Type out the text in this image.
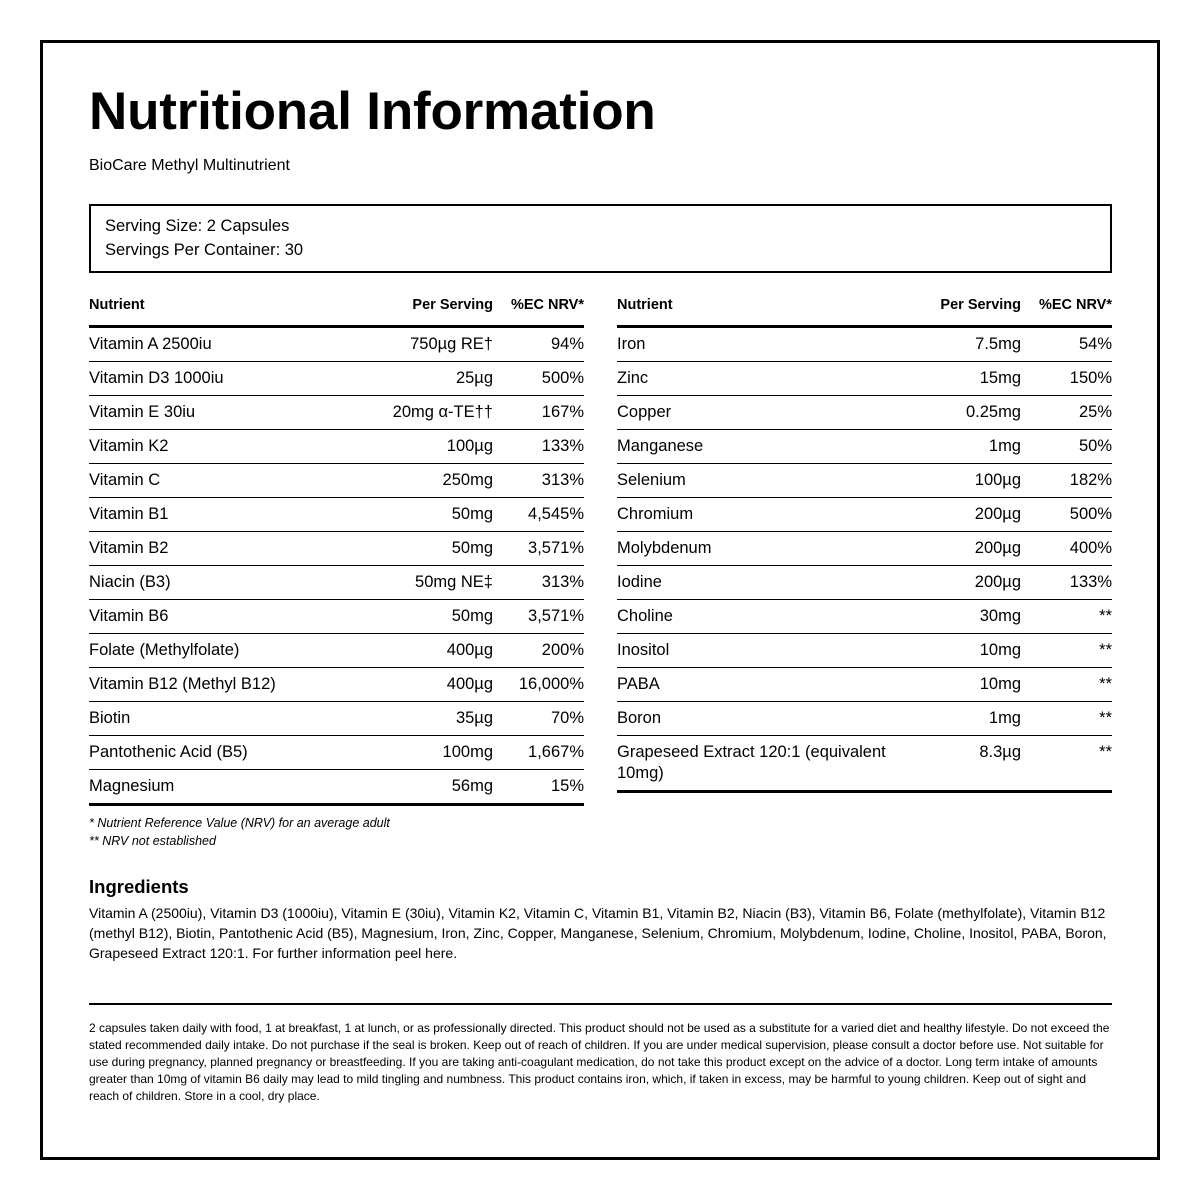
Nutritional Information
BioCare Methyl Multinutrient
Serving Size: 2 Capsules
Servings Per Container: 30
Nutrient	Per Serving	%EC NRV*
Vitamin A 2500iu	750µg RE†	94%
Vitamin D3 1000iu	25µg	500%
Vitamin E 30iu	20mg α-TE††	167%
Vitamin K2	100µg	133%
Vitamin C	250mg	313%
Vitamin B1	50mg	4,545%
Vitamin B2	50mg	3,571%
Niacin (B3)	50mg NE‡	313%
Vitamin B6	50mg	3,571%
Folate (Methylfolate)	400µg	200%
Vitamin B12 (Methyl B12)	400µg	16,000%
Biotin	35µg	70%
Pantothenic Acid (B5)	100mg	1,667%
Magnesium	56mg	15%
* Nutrient Reference Value (NRV) for an average adult
** NRV not established
Nutrient	Per Serving	%EC NRV*
Iron	7.5mg	54%
Zinc	15mg	150%
Copper	0.25mg	25%
Manganese	1mg	50%
Selenium	100µg	182%
Chromium	200µg	500%
Molybdenum	200µg	400%
Iodine	200µg	133%
Choline	30mg	**
Inositol	10mg	**
PABA	10mg	**
Boron	1mg	**
Grapeseed Extract 120:1 (equivalent 10mg)	8.3µg	**
Ingredients
Vitamin A (2500iu), Vitamin D3 (1000iu), Vitamin E (30iu), Vitamin K2, Vitamin C, Vitamin B1, Vitamin B2, Niacin (B3), Vitamin B6, Folate (methylfolate), Vitamin B12 (methyl B12), Biotin, Pantothenic Acid (B5), Magnesium, Iron, Zinc, Copper, Manganese, Selenium, Chromium, Molybdenum, Iodine, Choline, Inositol, PABA, Boron, Grapeseed Extract 120:1. For further information peel here.
2 capsules taken daily with food, 1 at breakfast, 1 at lunch, or as professionally directed. This product should not be used as a substitute for a varied diet and healthy lifestyle. Do not exceed the stated recommended daily intake. Do not purchase if the seal is broken. Keep out of reach of children. If you are under medical supervision, please consult a doctor before use. Not suitable for use during pregnancy, planned pregnancy or breastfeeding. If you are taking anti-coagulant medication, do not take this product except on the advice of a doctor. Long term intake of amounts greater than 10mg of vitamin B6 daily may lead to mild tingling and numbness. This product contains iron, which, if taken in excess, may be harmful to young children. Keep out of sight and reach of children. Store in a cool, dry place.
